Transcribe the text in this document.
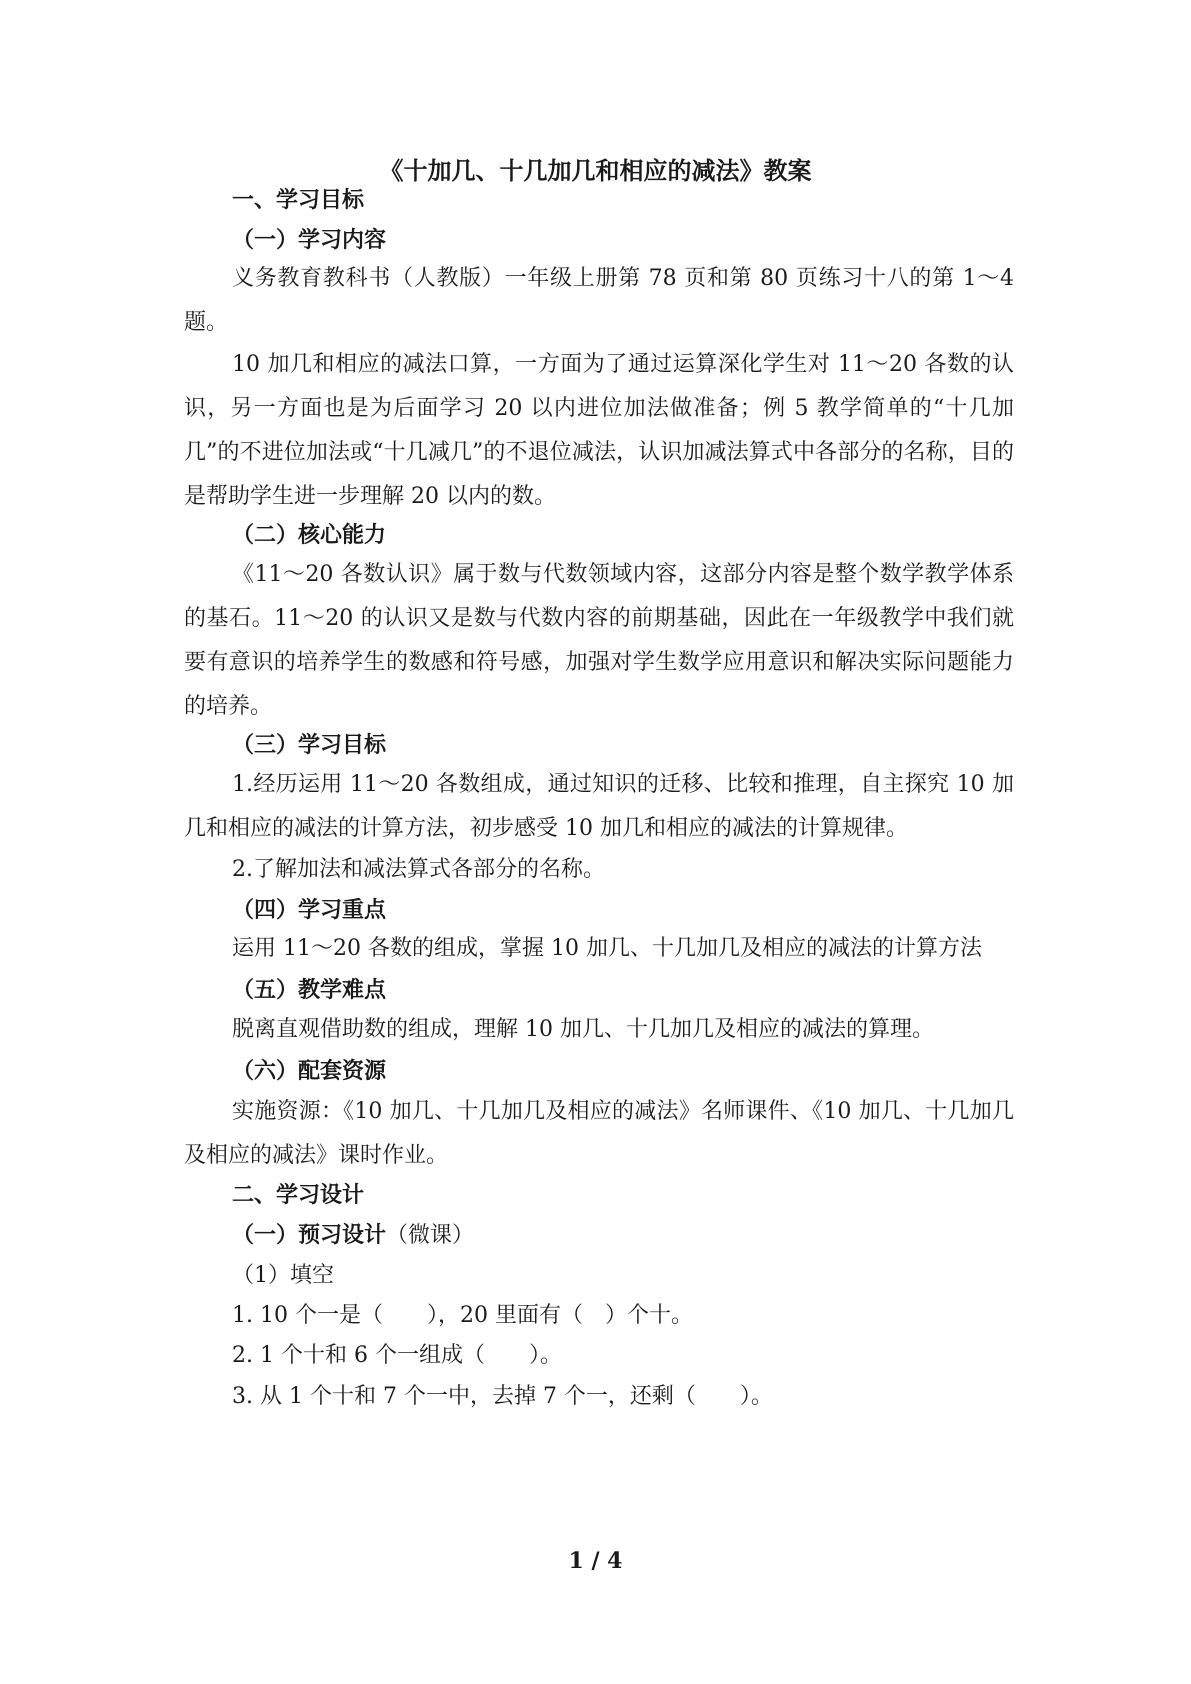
《十加几、十几加几和相应的减法》教案
一、学习目标
（一）学习内容
义务教育教科书（人教版）一年级上册第 78 页和第 80 页练习十八的第 1～4 题。
10 加几和相应的减法口算，一方面为了通过运算深化学生对 11～20 各数的认识，另一方面也是为后面学习 20 以内进位加法做准备；例 5 教学简单的“十几加几”的不进位加法或“十几减几”的不退位减法，认识加减法算式中各部分的名称，目的是帮助学生进一步理解 20 以内的数。
（二）核心能力
《11～20 各数认识》属于数与代数领域内容，这部分内容是整个数学教学体系的基石。11～20 的认识又是数与代数内容的前期基础，因此在一年级教学中我们就要有意识的培养学生的数感和符号感，加强对学生数学应用意识和解决实际问题能力的培养。
（三）学习目标
1.经历运用 11～20 各数组成，通过知识的迁移、比较和推理，自主探究 10 加几和相应的减法的计算方法，初步感受 10 加几和相应的减法的计算规律。
2.了解加法和减法算式各部分的名称。
（四）学习重点
运用 11～20 各数的组成，掌握 10 加几、十几加几及相应的减法的计算方法
（五）教学难点
脱离直观借助数的组成，理解 10 加几、十几加几及相应的减法的算理。
（六）配套资源
实施资源：《10 加几、十几加几及相应的减法》名师课件、《10 加几、十几加几及相应的减法》课时作业。
二、学习设计
（一）预习设计（微课）
（1）填空
1. 10 个一是（　　），20 里面有（　）个十。
2. 1 个十和 6 个一组成（　　）。
3. 从 1 个十和 7 个一中，去掉 7 个一，还剩（　　）。
1 / 4
